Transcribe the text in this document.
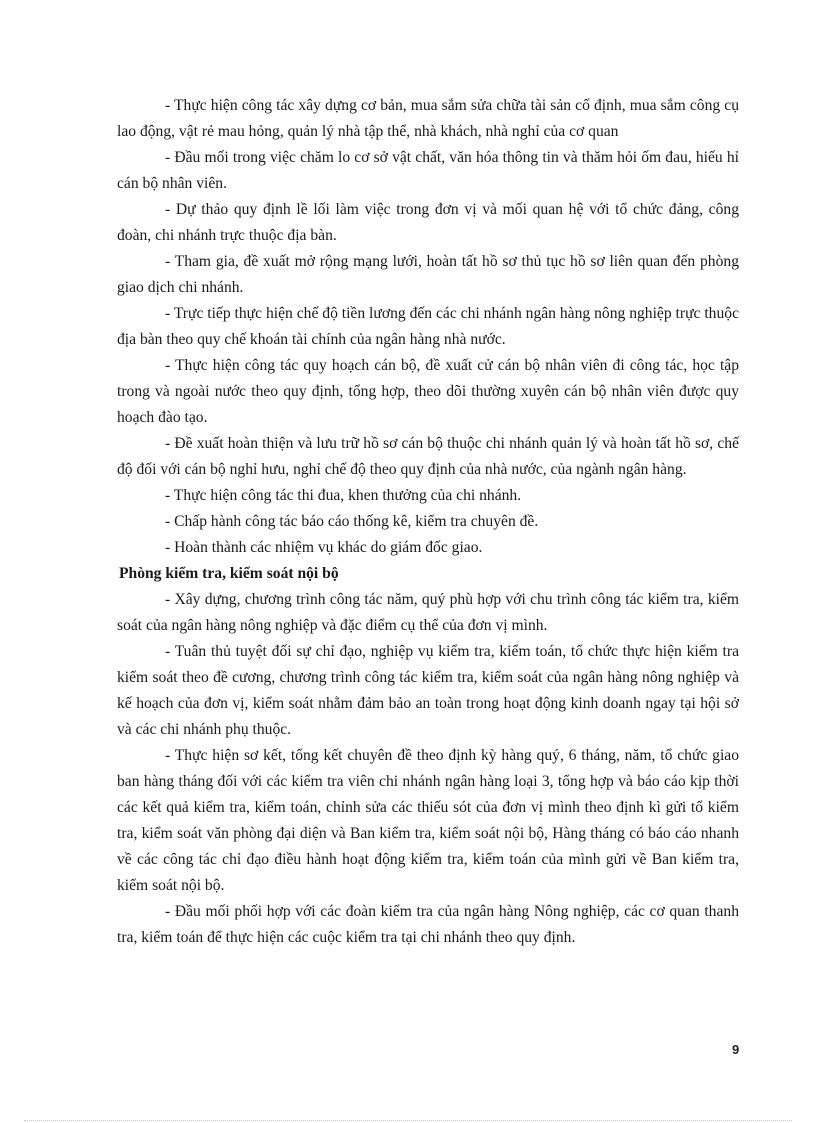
- Thực hiện công tác xây dựng cơ bản, mua sắm sửa chữa tài sản cố định, mua sắm công cụ lao động, vật rẻ mau hỏng, quản lý nhà tập thể, nhà khách, nhà nghỉ của cơ quan

- Đầu mối trong việc chăm lo cơ sở vật chất, văn hóa thông tin và thăm hỏi ốm đau, hiếu hỉ cán bộ nhân viên.

- Dự thảo quy định lề lối làm việc trong đơn vị và mối quan hệ với tổ chức đảng, công đoàn, chi nhánh trực thuộc địa bàn.

- Tham gia, đề xuất mở rộng mạng lưới, hoàn tất hồ sơ thủ tục hồ sơ liên quan đến phòng giao dịch chi nhánh.

- Trực tiếp thực hiện chế độ tiền lương đến các chi nhánh ngân hàng nông nghiệp trực thuộc địa bàn theo quy chế khoán tài chính của ngân hàng nhà nước.

- Thực hiện công tác quy hoạch cán bộ, đề xuất cử cán bộ nhân viên đi công tác, học tập trong và ngoài nước theo quy định, tổng hợp, theo dõi thường xuyên cán bộ nhân viên được quy hoạch đào tạo.

- Đề xuất hoàn thiện và lưu trữ hồ sơ cán bộ thuộc chi nhánh quản lý và hoàn tất hồ sơ, chế độ đối với cán bộ nghỉ hưu, nghỉ chế độ theo quy định của nhà nước, của ngành ngân hàng.

- Thực hiện công tác thi đua, khen thưởng của chi nhánh.

- Chấp hành công tác báo cáo thống kê, kiểm tra chuyên đề.

- Hoàn thành các nhiệm vụ khác do giám đốc giao.

Phòng kiểm tra, kiểm soát nội bộ

- Xây dựng, chương trình công tác năm, quý phù hợp với chu trình công tác kiểm tra, kiểm soát của ngân hàng nông nghiệp và đặc điểm cụ thể của đơn vị mình.

- Tuân thủ tuyệt đối sự chỉ đạo, nghiệp vụ kiểm tra, kiểm toán, tổ chức thực hiện kiểm tra kiểm soát theo đề cương, chương trình công tác kiểm tra, kiểm soát của ngân hàng nông nghiệp và kế hoạch của đơn vị, kiểm soát nhằm đảm bảo an toàn trong hoạt động kinh doanh ngay tại hội sở và các chi nhánh phụ thuộc.

- Thực hiện sơ kết, tổng kết chuyên đề theo định kỳ hàng quý, 6 tháng, năm, tổ chức giao ban hàng tháng đối với các kiểm tra viên chi nhánh ngân hàng loại 3, tổng hợp và báo cáo kịp thời các kết quả kiểm tra, kiểm toán, chỉnh sửa các thiếu sót của đơn vị mình theo định kì gửi tổ kiểm tra, kiểm soát văn phòng đại diện và Ban kiểm tra, kiểm soát nội bộ, Hàng tháng có báo cáo nhanh về các công tác chỉ đạo điều hành hoạt động kiểm tra, kiểm toán của mình gửi về Ban kiểm tra, kiểm soát nội bộ.

- Đầu mối phối hợp với các đoàn kiểm tra của ngân hàng Nông nghiệp, các cơ quan thanh tra, kiểm toán để thực hiện các cuộc kiểm tra tại chi nhánh theo quy định.

9
